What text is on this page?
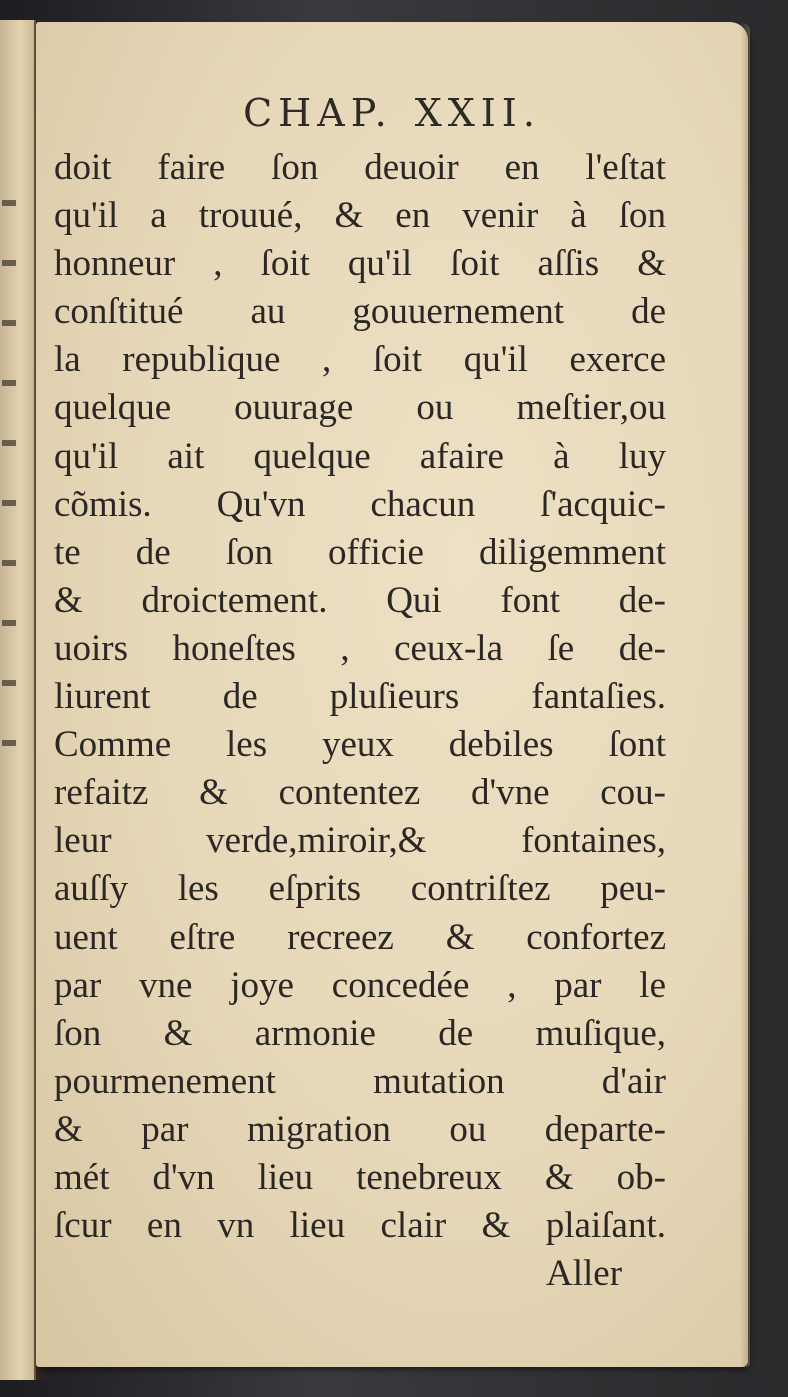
CHAP. XXII.
doit faire ſon deuoir en l'eſtat
qu'il a trouué, & en venir à ſon
honneur , ſoit qu'il ſoit aſſis &
conſtitué au gouuernement de
la republique , ſoit qu'il exerce
quelque ouurage ou meſtier,ou
qu'il ait quelque afaire à luy
cõmis. Qu'vn chacun ſ'acquic-
te de ſon officie diligemment
& droictement. Qui font de-
uoirs honeſtes , ceux-la ſe de-
liurent de pluſieurs fantaſies.
Comme les yeux debiles ſont
refaitz & contentez d'vne cou-
leur verde,miroir,& fontaines,
auſſy les eſprits contriſtez peu-
uent eſtre recreez & confortez
par vne joye concedée , par le
ſon & armonie de muſique,
pourmenement mutation d'air
& par migration ou departe-
mét d'vn lieu tenebreux & ob-
ſcur en vn lieu clair & plaiſant.
Aller
